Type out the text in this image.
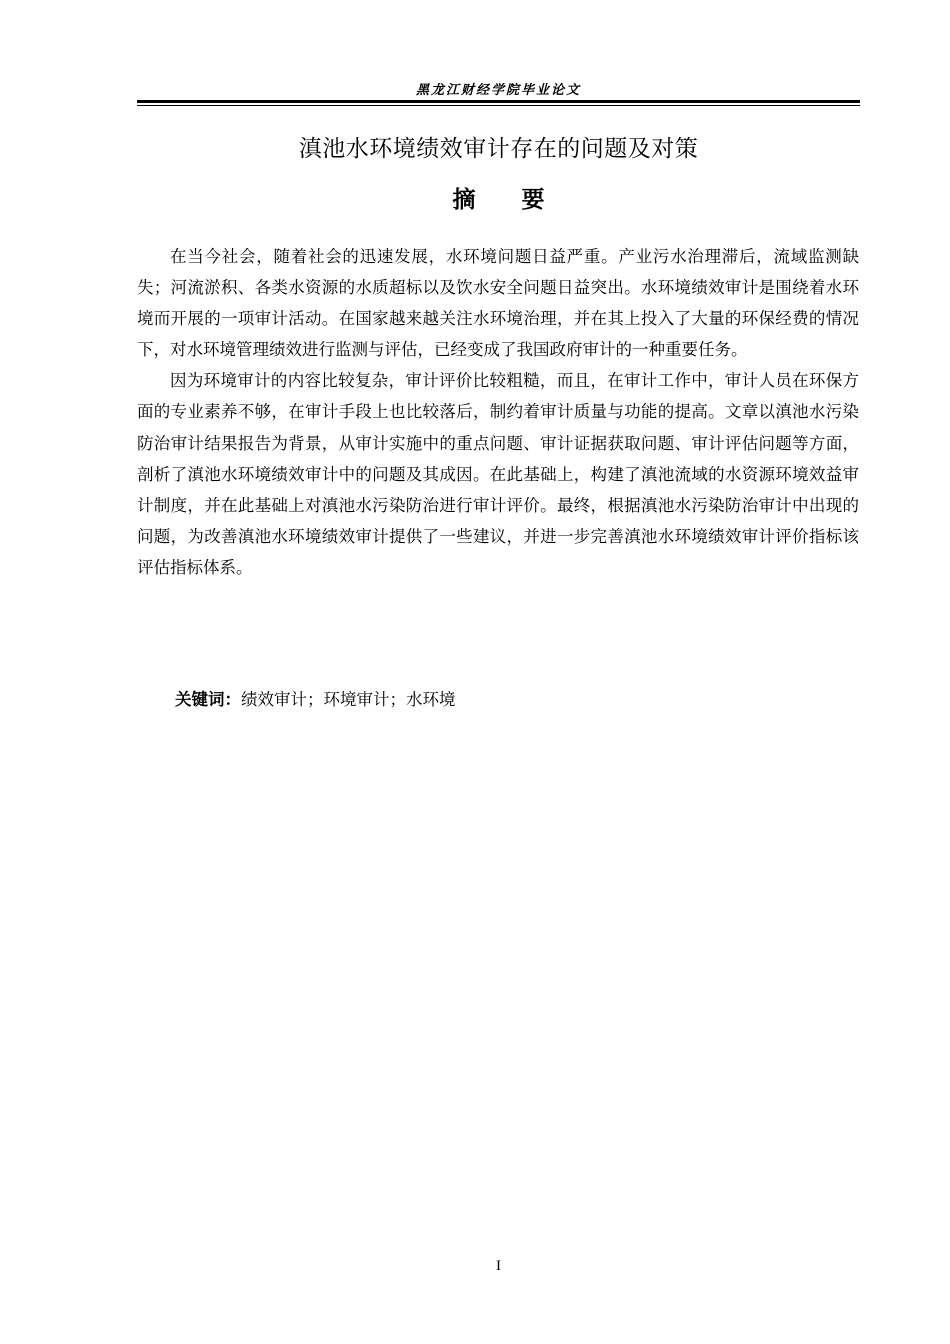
黑龙江财经学院毕业论文
滇池水环境绩效审计存在的问题及对策
摘　　要

在当今社会，随着社会的迅速发展，水环境问题日益严重。产业污水治理滞后，流域监测缺失；河流淤积、各类水资源的水质超标以及饮水安全问题日益突出。水环境绩效审计是围绕着水环境而开展的一项审计活动。在国家越来越关注水环境治理，并在其上投入了大量的环保经费的情况下，对水环境管理绩效进行监测与评估，已经变成了我国政府审计的一种重要任务。

因为环境审计的内容比较复杂，审计评价比较粗糙，而且，在审计工作中，审计人员在环保方面的专业素养不够，在审计手段上也比较落后，制约着审计质量与功能的提高。文章以滇池水污染防治审计结果报告为背景，从审计实施中的重点问题、审计证据获取问题、审计评估问题等方面，剖析了滇池水环境绩效审计中的问题及其成因。在此基础上，构建了滇池流域的水资源环境效益审计制度，并在此基础上对滇池水污染防治进行审计评价。最终，根据滇池水污染防治审计中出现的问题，为改善滇池水环境绩效审计提供了一些建议，并进一步完善滇池水环境绩效审计评价指标该评估指标体系。

关键词：绩效审计；环境审计；水环境
I
